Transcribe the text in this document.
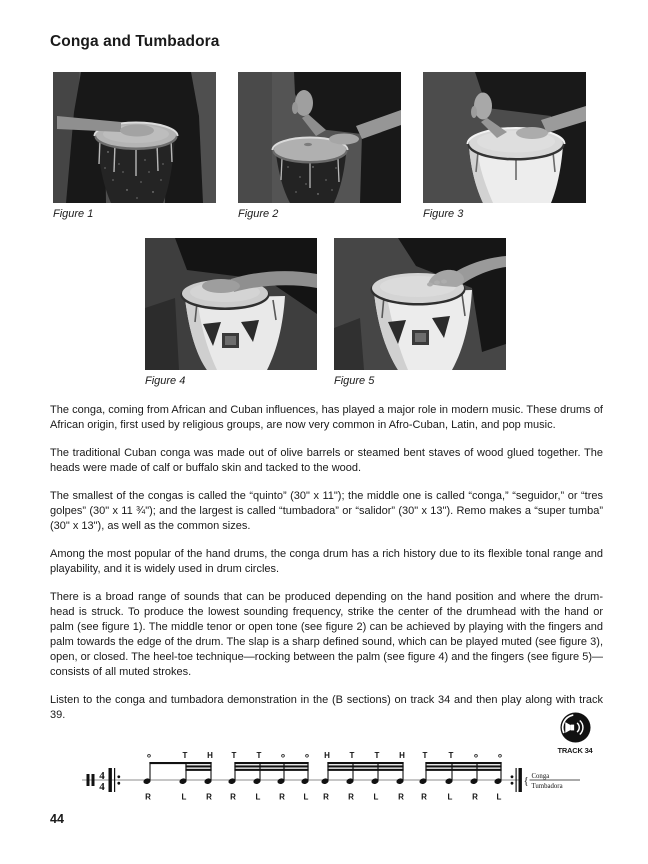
Conga and Tumbadora
Figure 1	Figure 2	Figure 3
Figure 4	Figure 5

The conga, coming from African and Cuban influences, has played a major role in modern music. These drums of African origin, first used by religious groups, are now very common in Afro-Cuban, Latin, and pop music.

The traditional Cuban conga was made out of olive barrels or steamed bent staves of wood glued together. The heads were made of calf or buffalo skin and tacked to the wood.

The smallest of the congas is called the “quinto” (30" x 11"); the middle one is called “conga,” “seguidor,” or “tres golpes” (30" x 11 ¾"); and the largest is called “tumbadora” or “salidor” (30" x 13"). Remo makes a “super tumba” (30" x 13"), as well as the common sizes.

Among the most popular of the hand drums, the conga drum has a rich history due to its flexible tonal range and playability, and it is widely used in drum circles.

There is a broad range of sounds that can be produced depending on the hand position and where the drum-head is struck. To produce the lowest sounding frequency, strike the center of the drumhead with the hand or palm (see figure 1). The middle tenor or open tone (see figure 2) can be achieved by playing with the fingers and palm towards the edge of the drum. The slap is a sharp defined sound, which can be played muted (see figure 3), open, or closed. The heel-toe technique—rocking between the palm (see figure 4) and the fingers (see figure 5)—consists of all muted strokes.

Listen to the conga and tumbadora demonstration in the (B sections) on track 34 and then play along with track 39.

TRACK 34
4
4
o
R
T
L
H
R
T
R
T
L
o
R
o
L
H
R
T
R
T
L
H
R
T
R
T
L
o
R
o
L
{ Conga
Tumbadora
44
